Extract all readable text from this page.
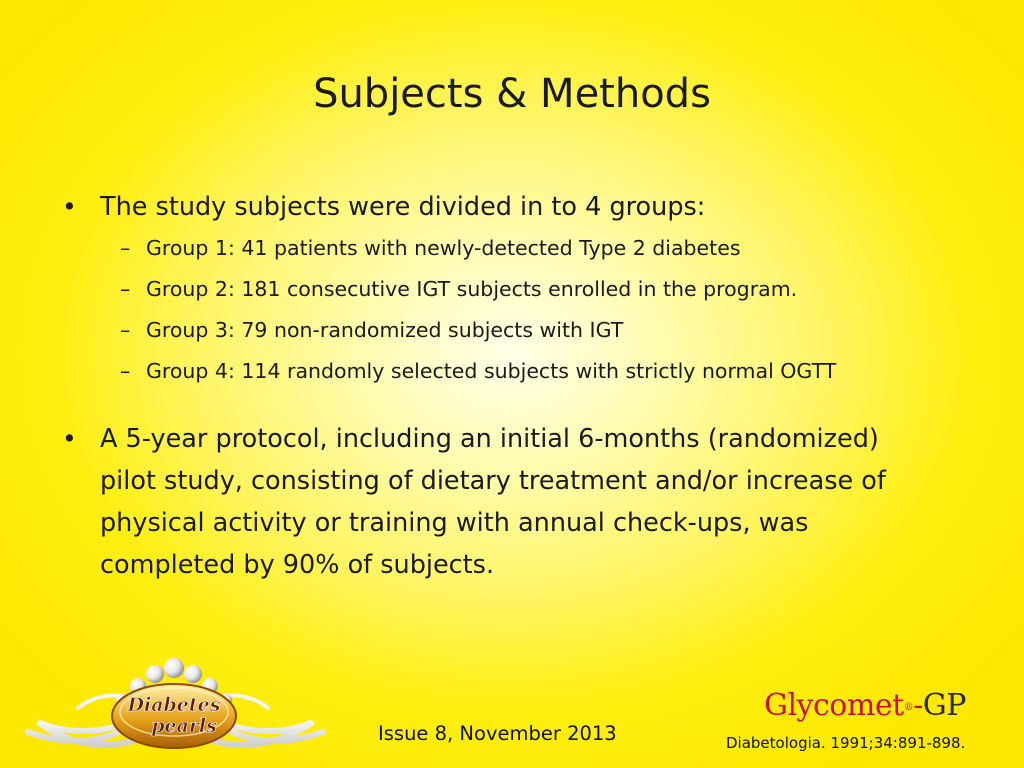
Subjects & Methods
• The study subjects were divided in to 4 groups:
– Group 1: 41 patients with newly-detected Type 2 diabetes
– Group 2: 181 consecutive IGT subjects enrolled in the program.
– Group 3: 79 non-randomized subjects with IGT
– Group 4: 114 randomly selected subjects with strictly normal OGTT
• A 5-year protocol, including an initial 6-months (randomized)
pilot study, consisting of dietary treatment and/or increase of
physical activity or training with annual check-ups, was
completed by 90% of subjects.
Diabetes
pearls	Issue 8, November 2013
Glycomet®-GP
Diabetologia. 1991;34:891-898.
